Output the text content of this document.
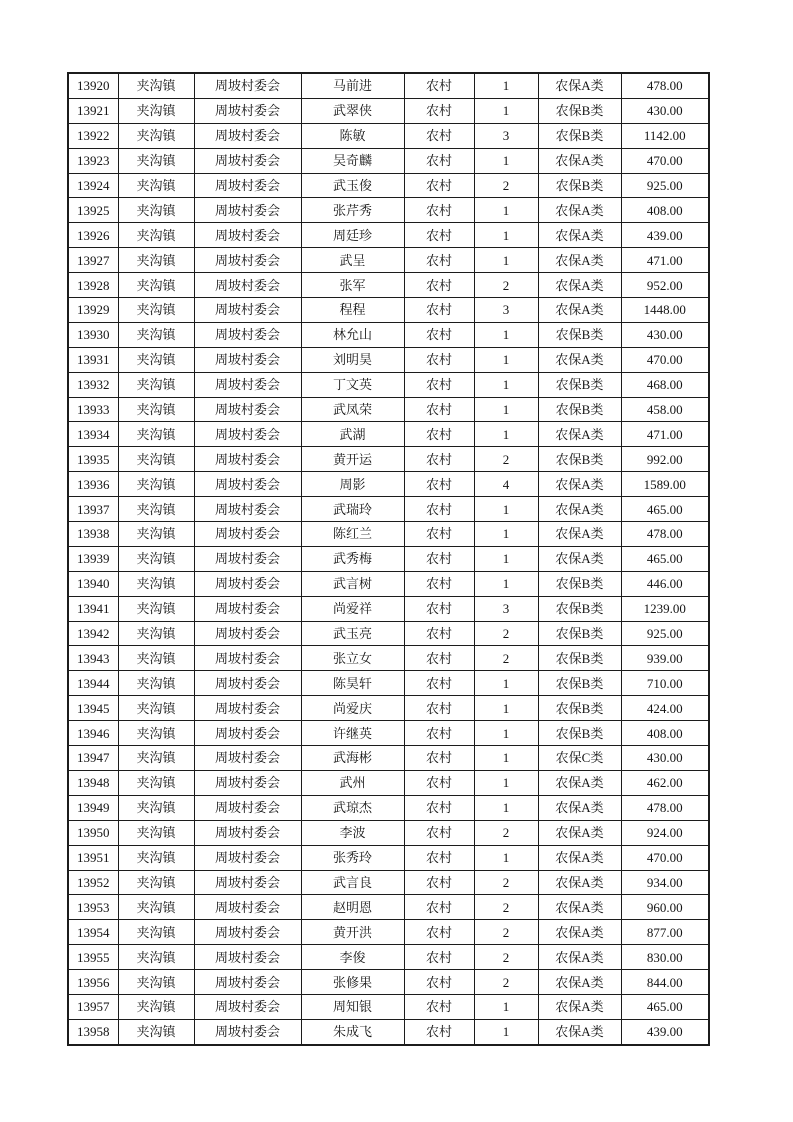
13920	夹沟镇	周坡村委会	马前进	农村	1	农保A类	478.00
13921	夹沟镇	周坡村委会	武翠侠	农村	1	农保B类	430.00
13922	夹沟镇	周坡村委会	陈敏	农村	3	农保B类	1142.00
13923	夹沟镇	周坡村委会	吴奇麟	农村	1	农保A类	470.00
13924	夹沟镇	周坡村委会	武玉俊	农村	2	农保B类	925.00
13925	夹沟镇	周坡村委会	张芹秀	农村	1	农保A类	408.00
13926	夹沟镇	周坡村委会	周廷珍	农村	1	农保A类	439.00
13927	夹沟镇	周坡村委会	武呈	农村	1	农保A类	471.00
13928	夹沟镇	周坡村委会	张军	农村	2	农保A类	952.00
13929	夹沟镇	周坡村委会	程程	农村	3	农保A类	1448.00
13930	夹沟镇	周坡村委会	林允山	农村	1	农保B类	430.00
13931	夹沟镇	周坡村委会	刘明昊	农村	1	农保A类	470.00
13932	夹沟镇	周坡村委会	丁文英	农村	1	农保B类	468.00
13933	夹沟镇	周坡村委会	武凤荣	农村	1	农保B类	458.00
13934	夹沟镇	周坡村委会	武湖	农村	1	农保A类	471.00
13935	夹沟镇	周坡村委会	黄开运	农村	2	农保B类	992.00
13936	夹沟镇	周坡村委会	周影	农村	4	农保A类	1589.00
13937	夹沟镇	周坡村委会	武瑞玲	农村	1	农保A类	465.00
13938	夹沟镇	周坡村委会	陈红兰	农村	1	农保A类	478.00
13939	夹沟镇	周坡村委会	武秀梅	农村	1	农保A类	465.00
13940	夹沟镇	周坡村委会	武言树	农村	1	农保B类	446.00
13941	夹沟镇	周坡村委会	尚爱祥	农村	3	农保B类	1239.00
13942	夹沟镇	周坡村委会	武玉亮	农村	2	农保B类	925.00
13943	夹沟镇	周坡村委会	张立女	农村	2	农保B类	939.00
13944	夹沟镇	周坡村委会	陈昊轩	农村	1	农保B类	710.00
13945	夹沟镇	周坡村委会	尚爱庆	农村	1	农保B类	424.00
13946	夹沟镇	周坡村委会	许继英	农村	1	农保B类	408.00
13947	夹沟镇	周坡村委会	武海彬	农村	1	农保C类	430.00
13948	夹沟镇	周坡村委会	武州	农村	1	农保A类	462.00
13949	夹沟镇	周坡村委会	武琼杰	农村	1	农保A类	478.00
13950	夹沟镇	周坡村委会	李波	农村	2	农保A类	924.00
13951	夹沟镇	周坡村委会	张秀玲	农村	1	农保A类	470.00
13952	夹沟镇	周坡村委会	武言良	农村	2	农保A类	934.00
13953	夹沟镇	周坡村委会	赵明恩	农村	2	农保A类	960.00
13954	夹沟镇	周坡村委会	黄开洪	农村	2	农保A类	877.00
13955	夹沟镇	周坡村委会	李俊	农村	2	农保A类	830.00
13956	夹沟镇	周坡村委会	张修果	农村	2	农保A类	844.00
13957	夹沟镇	周坡村委会	周知银	农村	1	农保A类	465.00
13958	夹沟镇	周坡村委会	朱成飞	农村	1	农保A类	439.00
